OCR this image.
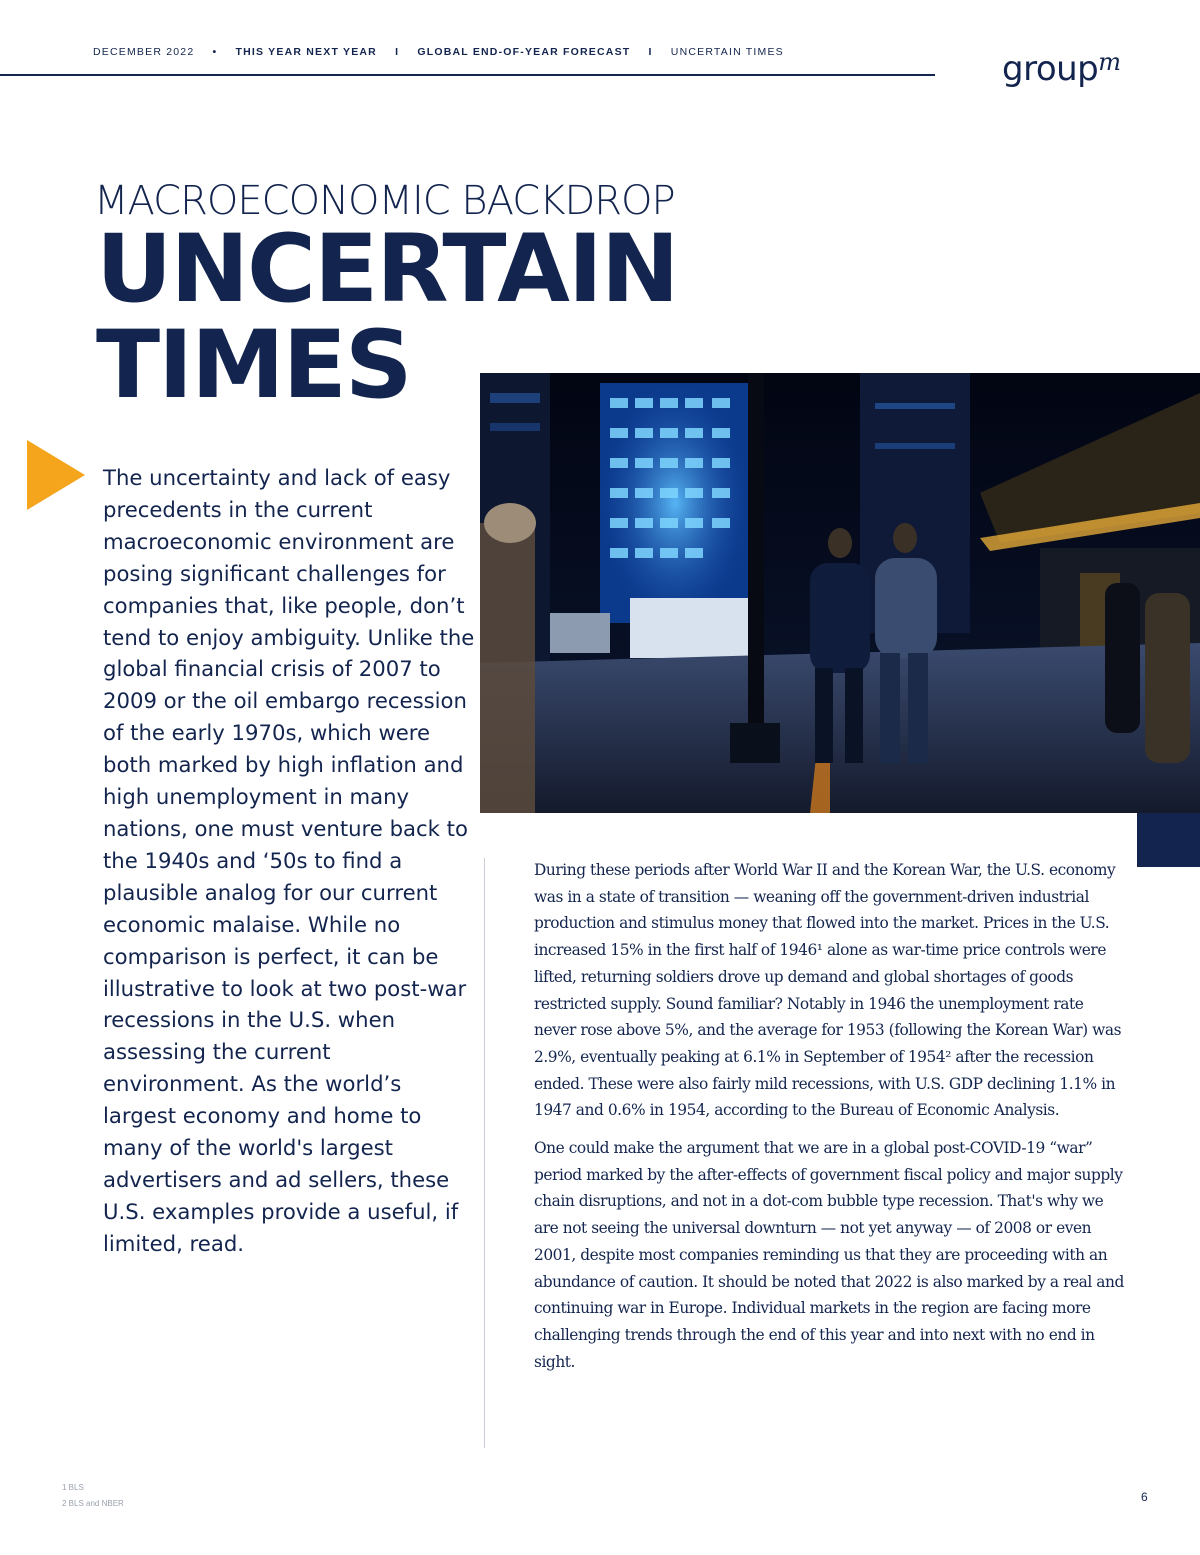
DECEMBER 2022 • THIS YEAR NEXT YEAR I GLOBAL END-OF-YEAR FORECAST I UNCERTAIN TIMES	group$^m$
MACROECONOMIC BACKDROP
UNCERTAIN
TIMES

The uncertainty and lack of easy precedents in the current macroeconomic environment are posing significant challenges for companies that, like people, don’t tend to enjoy ambiguity. Unlike the global financial crisis of 2007 to 2009 or the oil embargo recession of the early 1970s, which were both marked by high inflation and high unemployment in many nations, one must venture back to the 1940s and ‘50s to find a plausible analog for our current economic malaise. While no comparison is perfect, it can be illustrative to look at two post-war recessions in the U.S. when assessing the current environment. As the world’s largest economy and home to many of the world's largest advertisers and ad sellers, these U.S. examples provide a useful, if limited, read.

During these periods after World War II and the Korean War, the U.S. economy was in a state of transition — weaning off the government-driven industrial production and stimulus money that flowed into the market. Prices in the U.S. increased 15% in the first half of 1946¹ alone as war-time price controls were lifted, returning soldiers drove up demand and global shortages of goods restricted supply. Sound familiar? Notably in 1946 the unemployment rate never rose above 5%, and the average for 1953 (following the Korean War) was 2.9%, eventually peaking at 6.1% in September of 1954² after the recession ended. These were also fairly mild recessions, with U.S. GDP declining 1.1% in 1947 and 0.6% in 1954, according to the Bureau of Economic Analysis.

One could make the argument that we are in a global post-COVID-19 “war” period marked by the after-effects of government fiscal policy and major supply chain disruptions, and not in a dot-com bubble type recession. That's why we are not seeing the universal downturn — not yet anyway — of 2008 or even 2001, despite most companies reminding us that they are proceeding with an abundance of caution. It should be noted that 2022 is also marked by a real and continuing war in Europe. Individual markets in the region are facing more challenging trends through the end of this year and into next with no end in sight.

1 BLS
2 BLS and NBER	6
